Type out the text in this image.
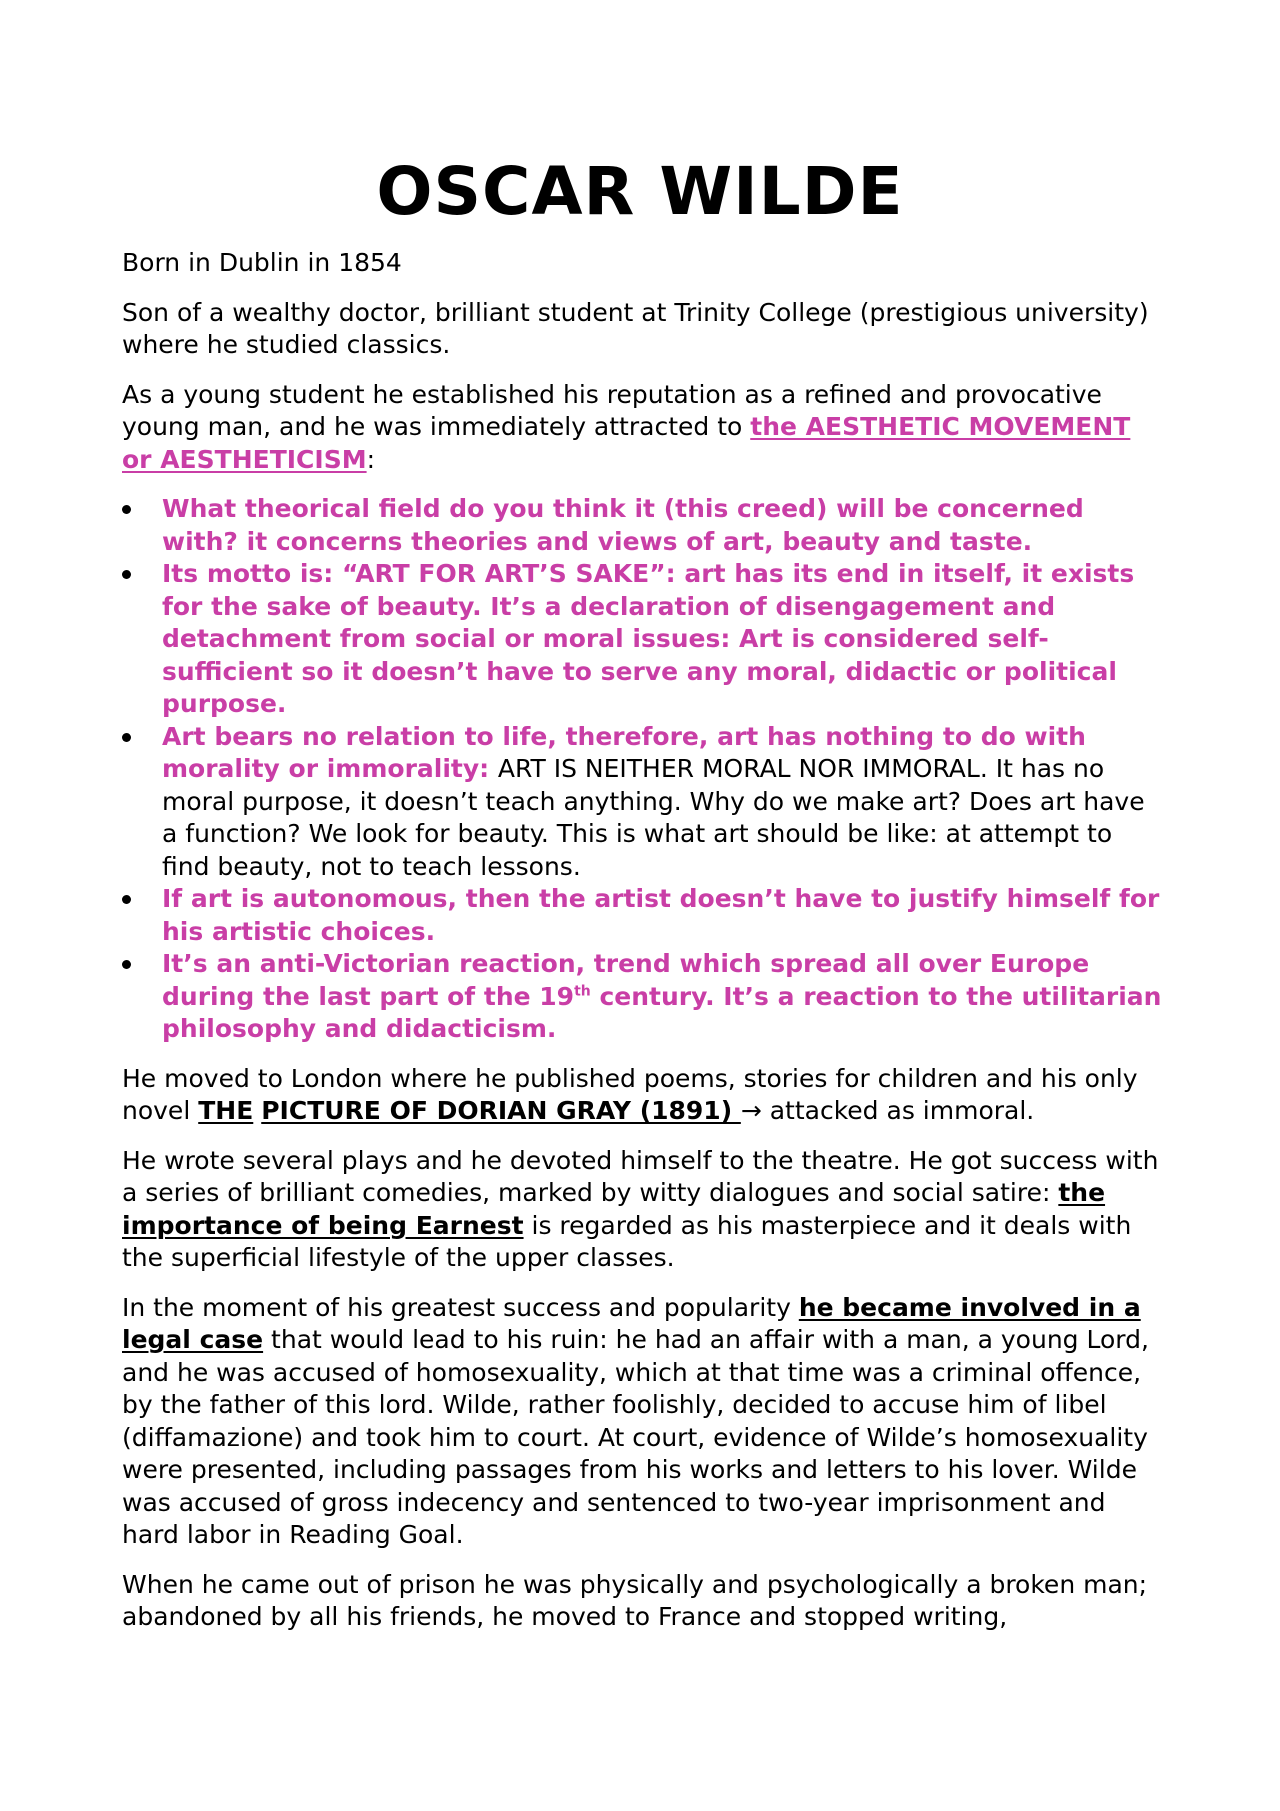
OSCAR WILDE

Born in Dublin in 1854

Son of a wealthy doctor, brilliant student at Trinity College (prestigious university) where he studied classics.

As a young student he established his reputation as a refined and provocative young man, and he was immediately attracted to the AESTHETIC MOVEMENT or AESTHETICISM:

What theorical field do you think it (this creed) will be concerned with? it concerns theories and views of art, beauty and taste.
Its motto is: “ART FOR ART’S SAKE”: art has its end in itself, it exists for the sake of beauty. It’s a declaration of disengagement and detachment from social or moral issues: Art is considered self-sufficient so it doesn’t have to serve any moral, didactic or political purpose.
Art bears no relation to life, therefore, art has nothing to do with morality or immorality: ART IS NEITHER MORAL NOR IMMORAL. It has no moral purpose, it doesn’t teach anything. Why do we make art? Does art have a function? We look for beauty. This is what art should be like: at attempt to find beauty, not to teach lessons.
If art is autonomous, then the artist doesn’t have to justify himself for his artistic choices.
It’s an anti-Victorian reaction, trend which spread all over Europe during the last part of the 19th century. It’s a reaction to the utilitarian philosophy and didacticism.

He moved to London where he published poems, stories for children and his only novel THE PICTURE OF DORIAN GRAY (1891) → attacked as immoral.

He wrote several plays and he devoted himself to the theatre. He got success with a series of brilliant comedies, marked by witty dialogues and social satire: the importance of being Earnest is regarded as his masterpiece and it deals with the superficial lifestyle of the upper classes.

In the moment of his greatest success and popularity he became involved in a legal case that would lead to his ruin: he had an affair with a man, a young Lord, and he was accused of homosexuality, which at that time was a criminal offence, by the father of this lord. Wilde, rather foolishly, decided to accuse him of libel (diffamazione) and took him to court. At court, evidence of Wilde’s homosexuality were presented, including passages from his works and letters to his lover. Wilde was accused of gross indecency and sentenced to two-year imprisonment and hard labor in Reading Goal.

When he came out of prison he was physically and psychologically a broken man; abandoned by all his friends, he moved to France and stopped writing,
